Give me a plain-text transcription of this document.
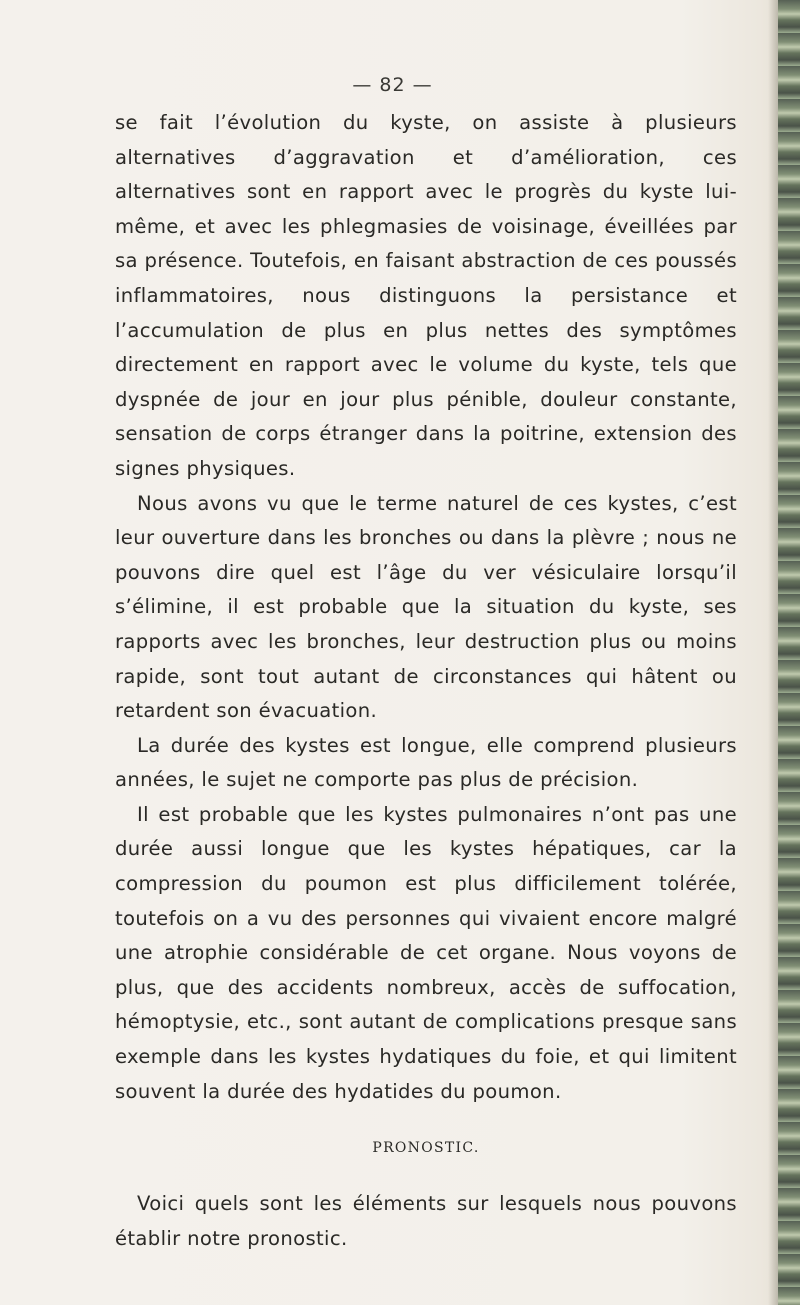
— 82 —

se fait l’évolution du kyste, on assiste à plusieurs alternatives d’aggravation et d’amélioration, ces alternatives sont en rapport avec le progrès du kyste lui-même, et avec les phlegmasies de voisinage, éveillées par sa présence. Toutefois, en faisant abstraction de ces poussés inflammatoires, nous distinguons la persistance et l’accumulation de plus en plus nettes des symptômes directement en rapport avec le volume du kyste, tels que dyspnée de jour en jour plus pénible, douleur constante, sensation de corps étranger dans la poitrine, extension des signes physiques.

Nous avons vu que le terme naturel de ces kystes, c’est leur ouverture dans les bronches ou dans la plèvre ; nous ne pouvons dire quel est l’âge du ver vésiculaire lorsqu’il s’élimine, il est probable que la situation du kyste, ses rapports avec les bronches, leur destruction plus ou moins rapide, sont tout autant de circonstances qui hâtent ou retardent son évacuation.

La durée des kystes est longue, elle comprend plusieurs années, le sujet ne comporte pas plus de précision.

Il est probable que les kystes pulmonaires n’ont pas une durée aussi longue que les kystes hépatiques, car la compression du poumon est plus difficilement tolérée, toutefois on a vu des personnes qui vivaient encore malgré une atrophie considérable de cet organe. Nous voyons de plus, que des accidents nombreux, accès de suffocation, hémoptysie, etc., sont autant de complications presque sans exemple dans les kystes hydatiques du foie, et qui limitent souvent la durée des hydatides du poumon.

PRONOSTIC.

Voici quels sont les éléments sur lesquels nous pouvons établir notre pronostic.
